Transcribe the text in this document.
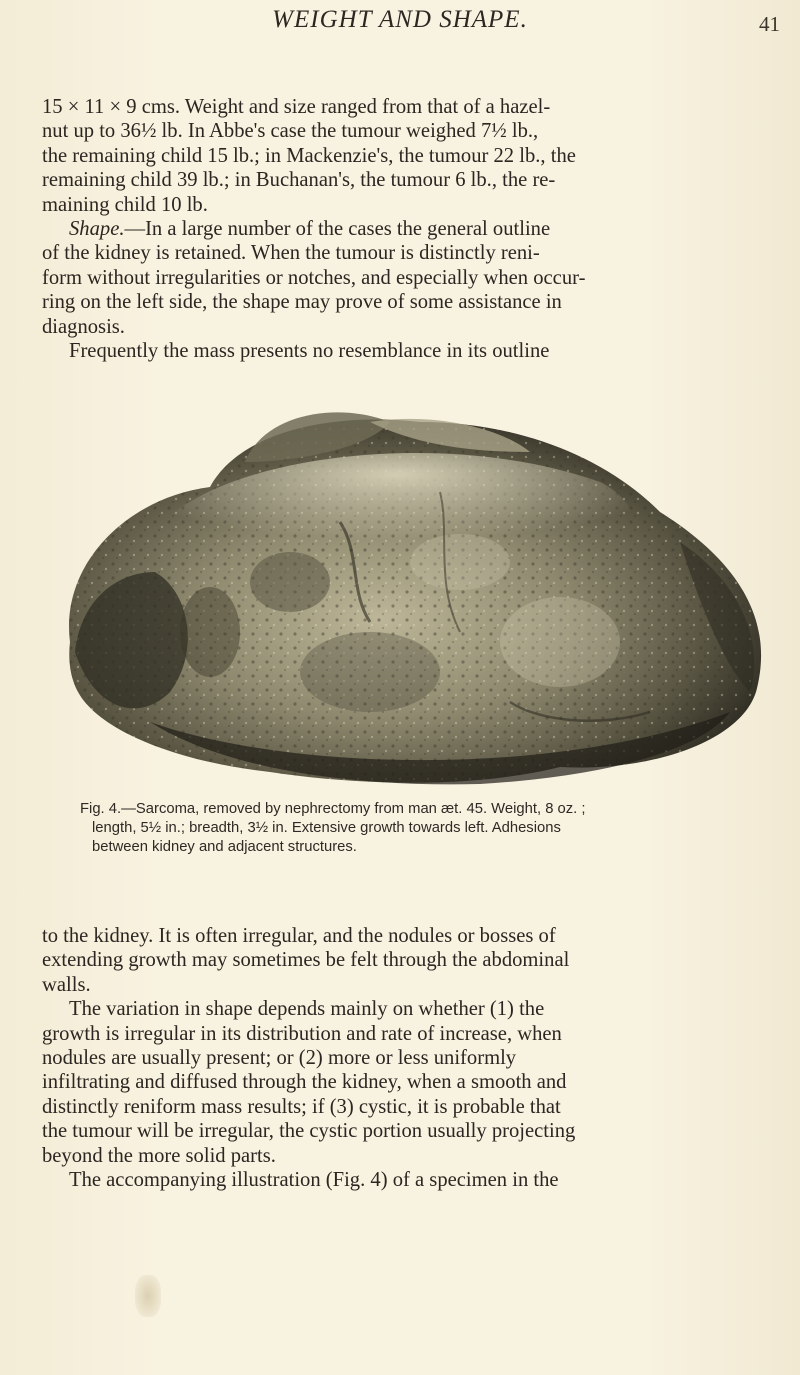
WEIGHT AND SHAPE.	41

15 × 11 × 9 cms. Weight and size ranged from that of a hazel-
nut up to 36½ lb. In Abbe's case the tumour weighed 7½ lb.,
the remaining child 15 lb.; in Mackenzie's, the tumour 22 lb., the
remaining child 39 lb.; in Buchanan's, the tumour 6 lb., the re-
maining child 10 lb.

Shape.—In a large number of the cases the general outline
of the kidney is retained. When the tumour is distinctly reni-
form without irregularities or notches, and especially when occur-
ring on the left side, the shape may prove of some assistance in
diagnosis.

Frequently the mass presents no resemblance in its outline

Fig. 4.—Sarcoma, removed by nephrectomy from man æt. 45. Weight, 8 oz. ;

length, 5½ in.; breadth, 3½ in. Extensive growth towards left. Adhesions

between kidney and adjacent structures.

to the kidney. It is often irregular, and the nodules or bosses of
extending growth may sometimes be felt through the abdominal
walls.

The variation in shape depends mainly on whether (1) the
growth is irregular in its distribution and rate of increase, when
nodules are usually present; or (2) more or less uniformly
infiltrating and diffused through the kidney, when a smooth and
distinctly reniform mass results; if (3) cystic, it is probable that
the tumour will be irregular, the cystic portion usually projecting
beyond the more solid parts.

The accompanying illustration (Fig. 4) of a specimen in the
